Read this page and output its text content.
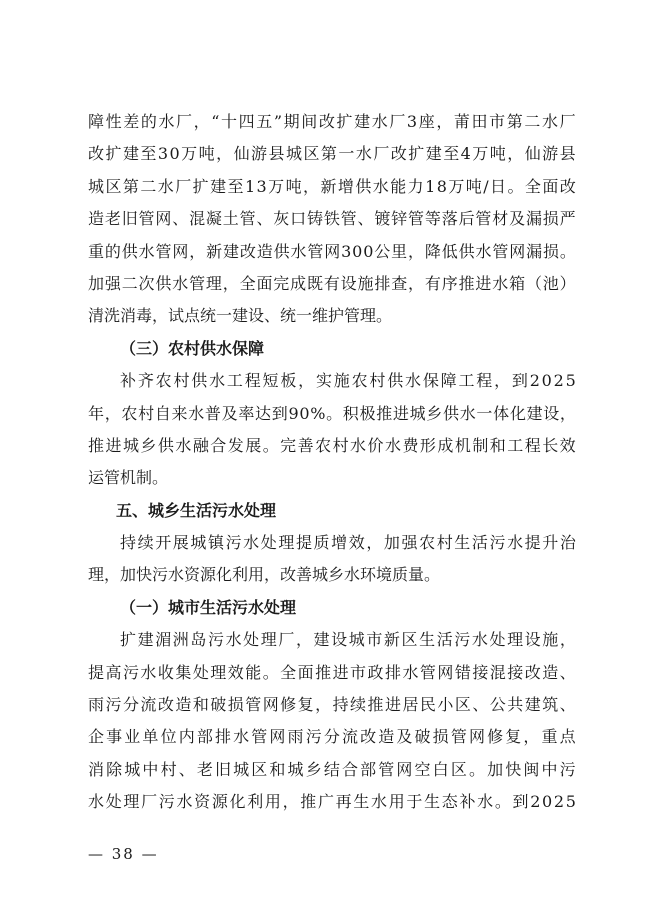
障 性 差 的 水 厂 ， “ 十 四 五 ” 期 间 改 扩 建 水 厂 3 座 ， 莆 田 市 第 二 水 厂
改 扩 建 至 3 0 万 吨 ， 仙 游 县 城 区 第 一 水 厂 改 扩 建 至 4 万 吨 ， 仙 游 县
城 区 第 二 水 厂 扩 建 至 1 3 万 吨 ， 新 增 供 水 能 力 1 8 万 吨 / 日 。 全 面 改
造 老 旧 管 网 、 混 凝 土 管 、 灰 口 铸 铁 管 、 镀 锌 管 等 落 后 管 材 及 漏 损 严
重 的 供 水 管 网 ， 新 建 改 造 供 水 管 网 3 0 0 公 里 ， 降 低 供 水 管 网 漏 损 。
加 强 二 次 供 水 管 理 ， 全 面 完 成 既 有 设 施 排 查 ， 有 序 推 进 水 箱 （ 池 ）
清洗消毒，试点统一建设、统一维护管理。
（三）农村供水保障
补 齐 农 村 供 水 工 程 短 板 ， 实 施 农 村 供 水 保 障 工 程 ， 到 2 0 2 5
年 ， 农 村 自 来 水 普 及 率 达 到 9 0 % 。 积 极 推 进 城 乡 供 水 一 体 化 建 设 ，
推 进 城 乡 供 水 融 合 发 展 。 完 善 农 村 水 价 水 费 形 成 机 制 和 工 程 长 效
运管机制。
五、城乡生活污水处理
持 续 开 展 城 镇 污 水 处 理 提 质 增 效 ， 加 强 农 村 生 活 污 水 提 升 治
理，加快污水资源化利用，改善城乡水环境质量。
（一）城市生活污水处理
扩 建 湄 洲 岛 污 水 处 理 厂 ， 建 设 城 市 新 区 生 活 污 水 处 理 设 施 ，
提 高 污 水 收 集 处 理 效 能 。 全 面 推 进 市 政 排 水 管 网 错 接 混 接 改 造 、
雨 污 分 流 改 造 和 破 损 管 网 修 复 ， 持 续 推 进 居 民 小 区 、 公 共 建 筑 、
企 事 业 单 位 内 部 排 水 管 网 雨 污 分 流 改 造 及 破 损 管 网 修 复 ， 重 点
消 除 城 中 村 、 老 旧 城 区 和 城 乡 结 合 部 管 网 空 白 区 。 加 快 闽 中 污
水 处 理 厂 污 水 资 源 化 利 用 ， 推 广 再 生 水 用 于 生 态 补 水 。 到 2 0 2 5
— 38 —
